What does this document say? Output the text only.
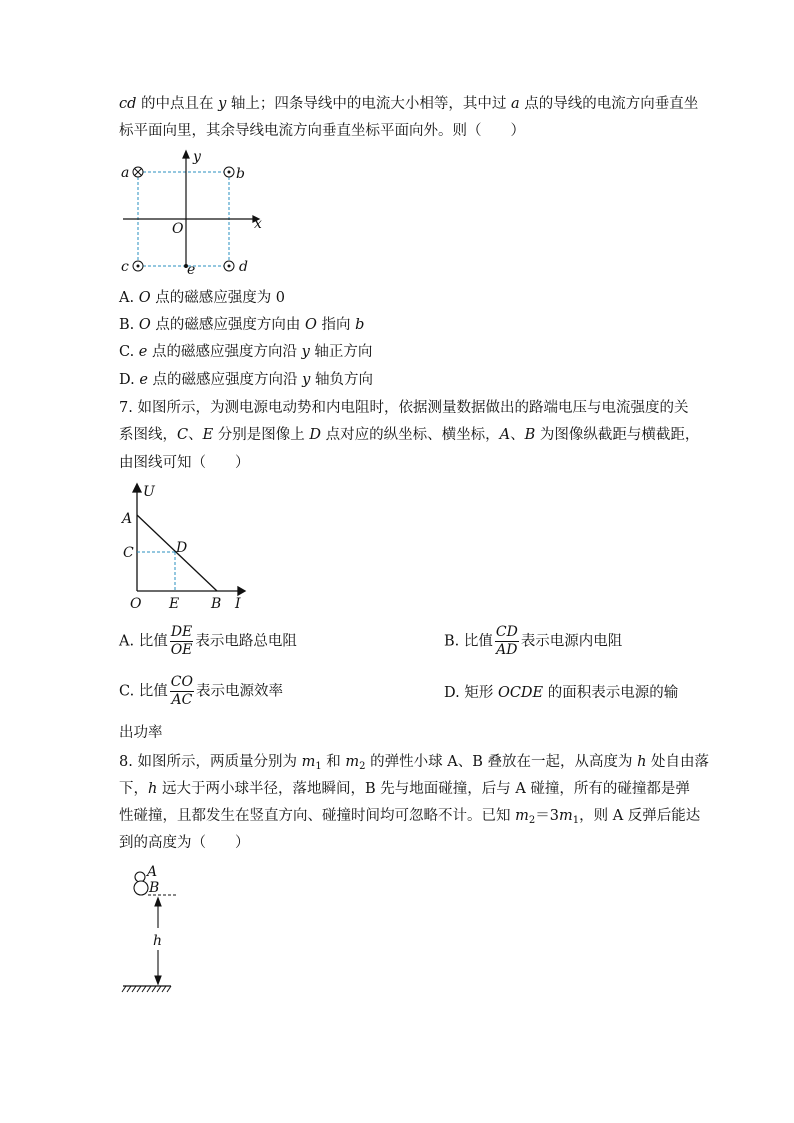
cd 的中点且在 y 轴上；四条导线中的电流大小相等，其中过 a 点的导线的电流方向垂直坐
标平面向里，其余导线电流方向垂直坐标平面向外。则（　　）
a	b
c	d
e
O	x
y
A. O 点的磁感应强度为 0
B. O 点的磁感应强度方向由 O 指向 b
C. e 点的磁感应强度方向沿 y 轴正方向
D. e 点的磁感应强度方向沿 y 轴负方向
7. 如图所示，为测电源电动势和内电阻时，依据测量数据做出的路端电压与电流强度的关
系图线，C、E 分别是图像上 D 点对应的纵坐标、横坐标，A、B 为图像纵截距与横截距，
由图线可知（　　）
U
I
A
C	D
O E B
A. 比值 $\frac{DE}{OE}$ 表示电路总电阻	B. 比值 $\frac{CD}{AD}$ 表示电源内电阻
C. 比值 $\frac{CO}{AC}$ 表示电源效率	D. 矩形 OCDE 的面积表示电源的输
出功率
8. 如图所示，两质量分别为 $m_1$ 和 $m_2$ 的弹性小球 A、B 叠放在一起，从高度为 h 处自由落
下，h 远大于两小球半径，落地瞬间，B 先与地面碰撞，后与 A 碰撞，所有的碰撞都是弹
性碰撞，且都发生在竖直方向、碰撞时间均可忽略不计。已知 $m_2=3m_1$，则 A 反弹后能达
到的高度为（　　）
A
B
h
